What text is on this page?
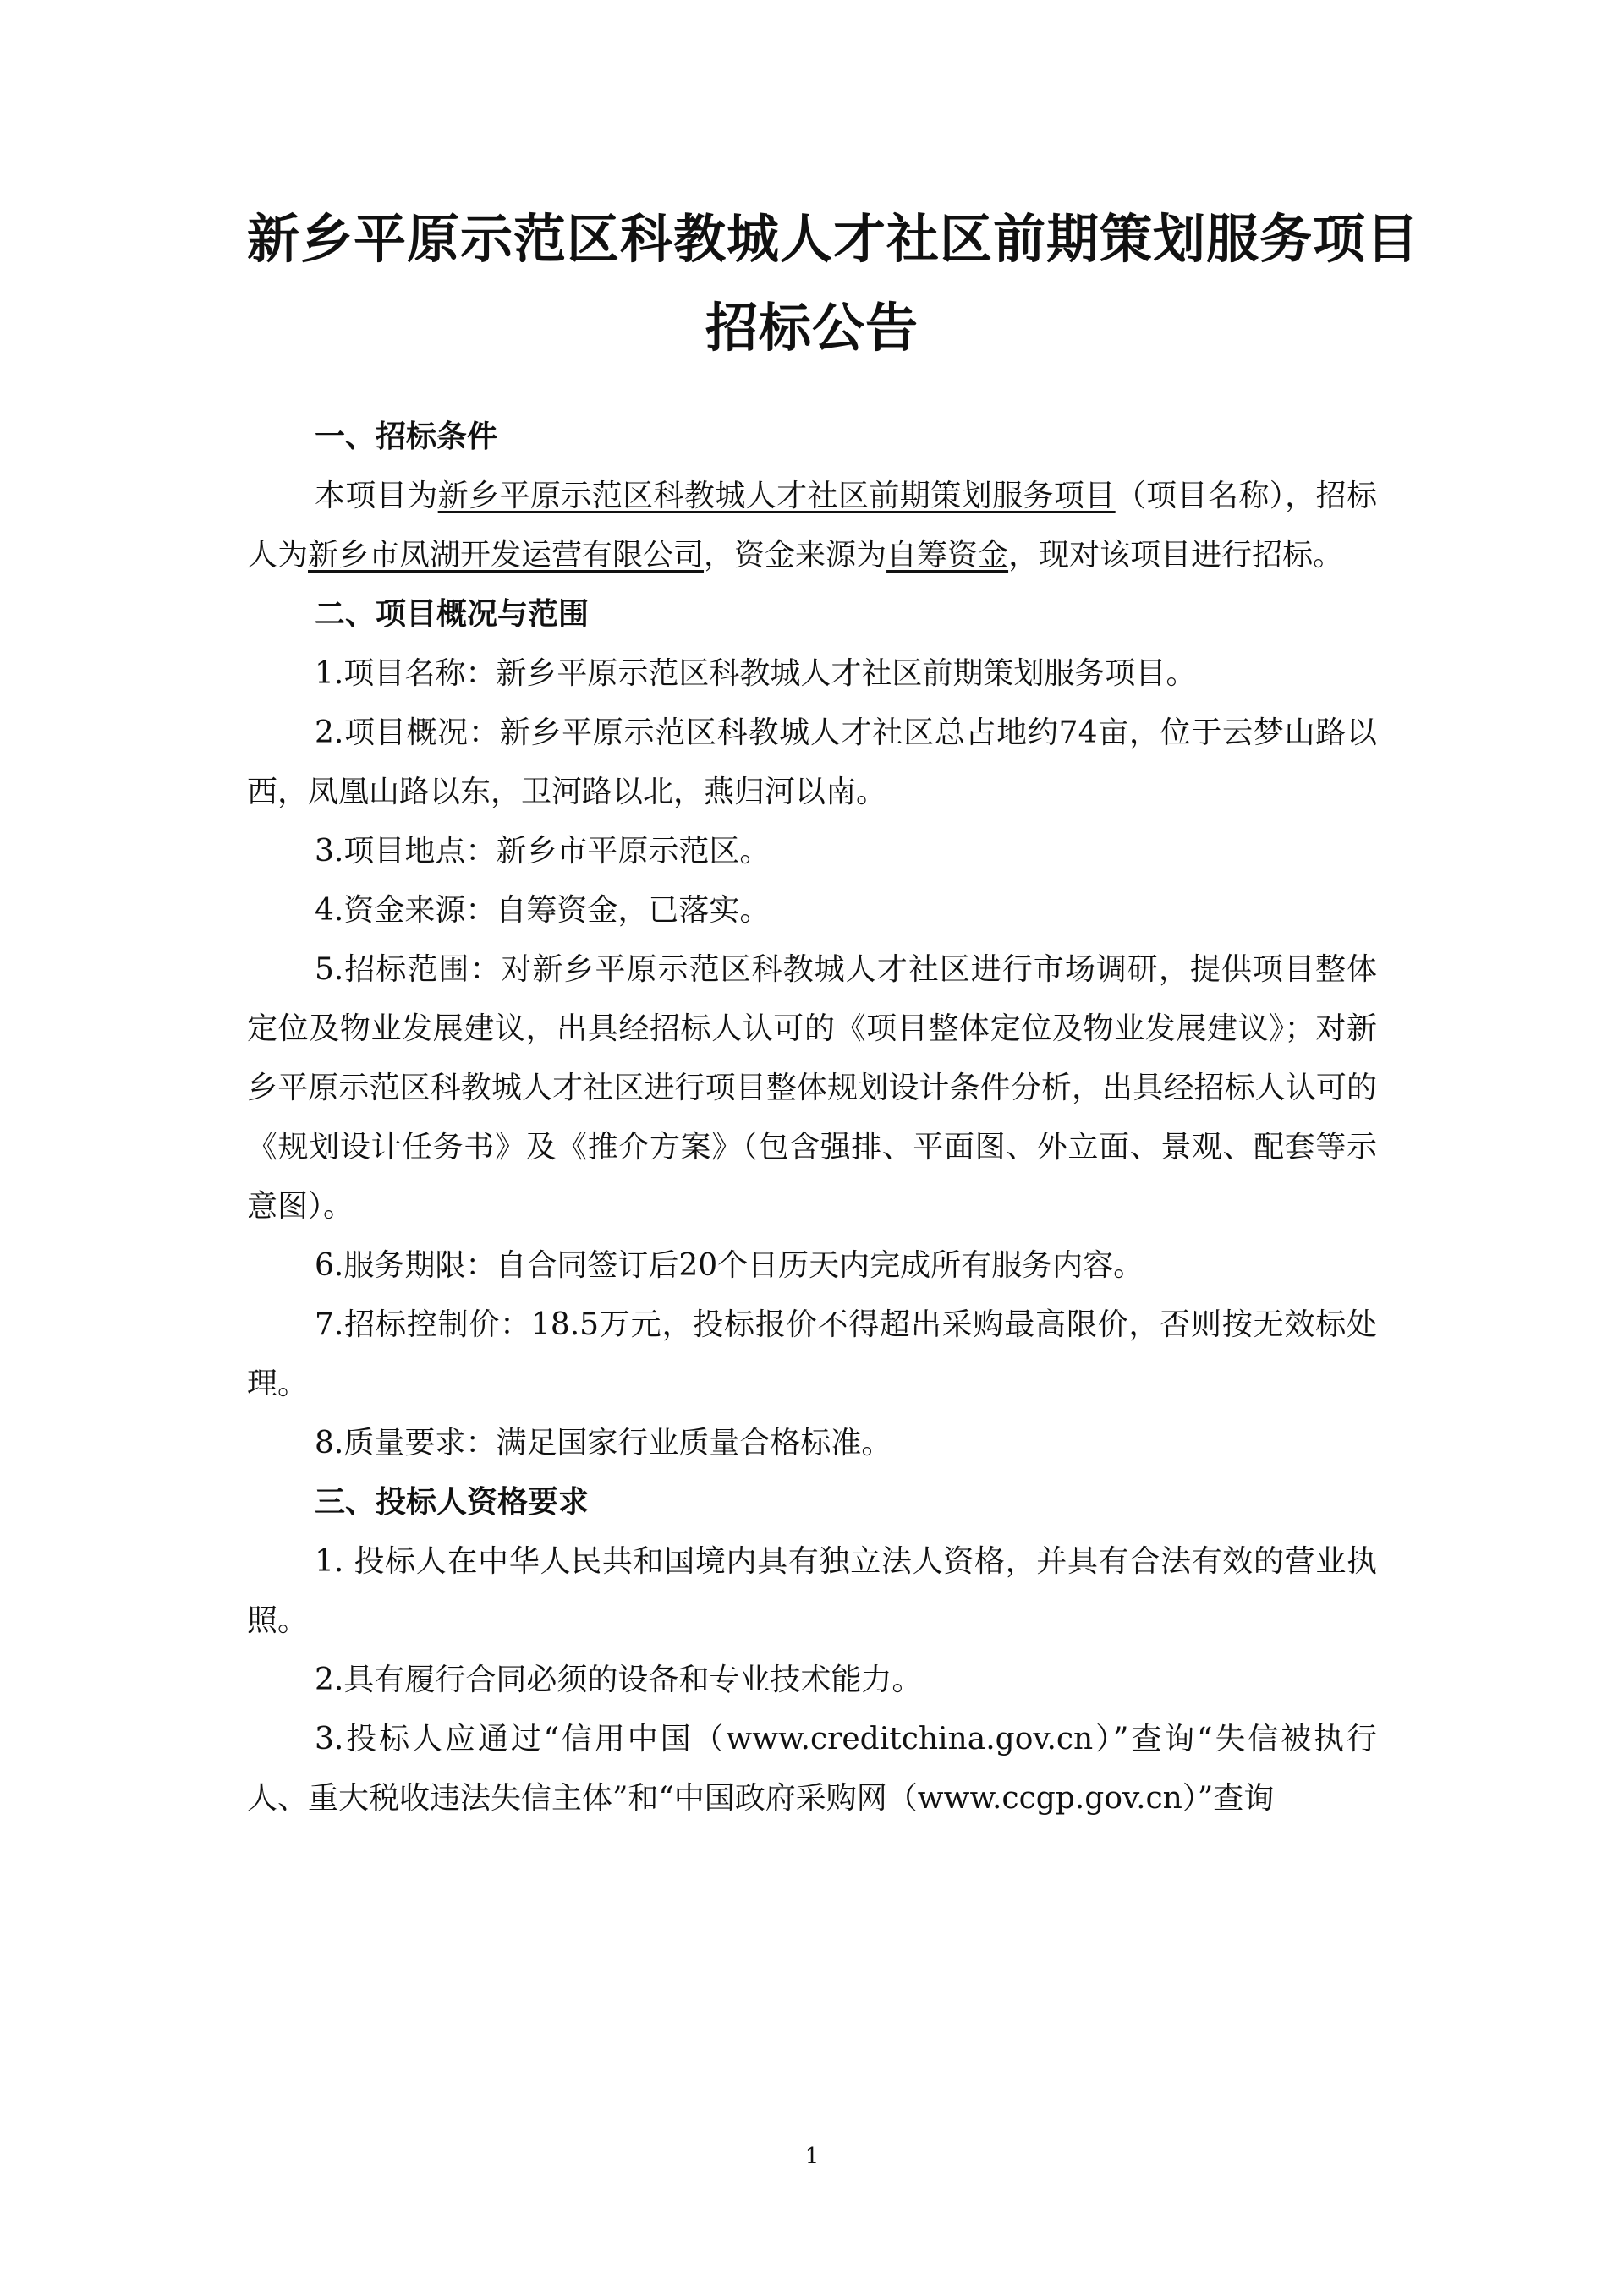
新乡平原示范区科教城人才社区前期策划服务项目
招标公告

一、招标条件

本项目为新乡平原示范区科教城人才社区前期策划服务项目（项目名称），招标人为新乡市凤湖开发运营有限公司，资金来源为自筹资金，现对该项目进行招标。

二、项目概况与范围

1.项目名称：新乡平原示范区科教城人才社区前期策划服务项目。

2.项目概况：新乡平原示范区科教城人才社区总占地约74亩，位于云梦山路以西，凤凰山路以东，卫河路以北，燕归河以南。

3.项目地点：新乡市平原示范区。

4.资金来源：自筹资金，已落实。

5.招标范围：对新乡平原示范区科教城人才社区进行市场调研，提供项目整体定位及物业发展建议，出具经招标人认可的《项目整体定位及物业发展建议》；对新乡平原示范区科教城人才社区进行项目整体规划设计条件分析，出具经招标人认可的《规划设计任务书》及《推介方案》（包含强排、平面图、外立面、景观、配套等示意图）。

6.服务期限：自合同签订后20个日历天内完成所有服务内容。

7.招标控制价：18.5万元，投标报价不得超出采购最高限价，否则按无效标处理。

8.质量要求：满足国家行业质量合格标准。

三、投标人资格要求

1. 投标人在中华人民共和国境内具有独立法人资格，并具有合法有效的营业执照。

2.具有履行合同必须的设备和专业技术能力。

3.投标人应通过“信用中国（www.creditchina.gov.cn）”查询“失信被执行人、重大税收违法失信主体”和“中国政府采购网（www.ccgp.gov.cn）”查询

1
